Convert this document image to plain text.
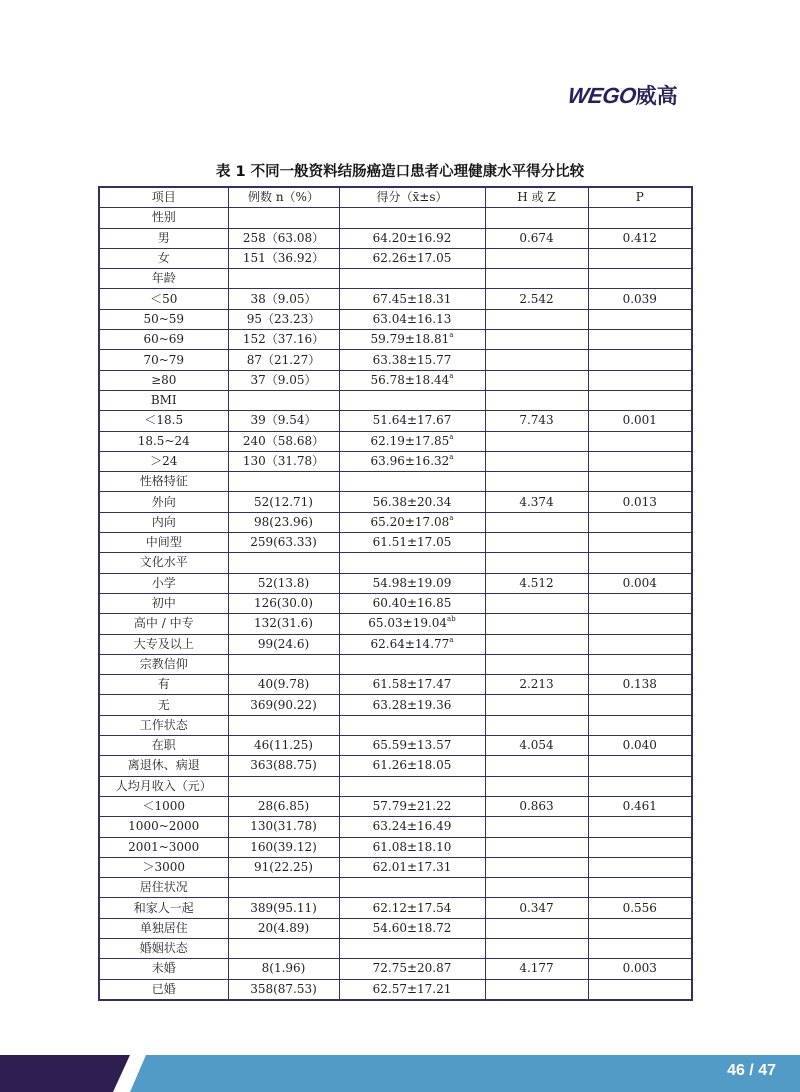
WEGO
威高
表 1 不同一般资料结肠癌造口患者心理健康水平得分比较
项目	例数 n（%）	得分（x̄±s）	H 或 Z	P
性别				
男	258（63.08）	64.20±16.92	0.674	0.412
女	151（36.92）	62.26±17.05		
年龄				
＜50	38（9.05）	67.45±18.31	2.542	0.039
50~59	95（23.23）	63.04±16.13		
60~69	152（37.16）	59.79±18.81$^a$		
70~79	87（21.27）	63.38±15.77		
≥80	37（9.05）	56.78±18.44$^a$		
BMI				
＜18.5	39（9.54）	51.64±17.67	7.743	0.001
18.5~24	240（58.68）	62.19±17.85$^a$		
＞24	130（31.78）	63.96±16.32$^a$		
性格特征				
外向	52(12.71)	56.38±20.34	4.374	0.013
内向	98(23.96)	65.20±17.08$^a$		
中间型	259(63.33)	61.51±17.05		
文化水平				
小学	52(13.8)	54.98±19.09	4.512	0.004
初中	126(30.0)	60.40±16.85		
高中 / 中专	132(31.6)	65.03±19.04$^{ab}$		
大专及以上	99(24.6)	62.64±14.77$^a$		
宗教信仰				
有	40(9.78)	61.58±17.47	2.213	0.138
无	369(90.22)	63.28±19.36		
工作状态				
在职	46(11.25)	65.59±13.57	4.054	0.040
离退休、病退	363(88.75)	61.26±18.05		
人均月收入（元）				
＜1000	28(6.85)	57.79±21.22	0.863	0.461
1000~2000	130(31.78)	63.24±16.49		
2001~3000	160(39.12)	61.08±18.10		
＞3000	91(22.25)	62.01±17.31		
居住状况				
和家人一起	389(95.11)	62.12±17.54	0.347	0.556
单独居住	20(4.89)	54.60±18.72		
婚姻状态				
未婚	8(1.96)	72.75±20.87	4.177	0.003
已婚	358(87.53)	62.57±17.21		
46 / 47
